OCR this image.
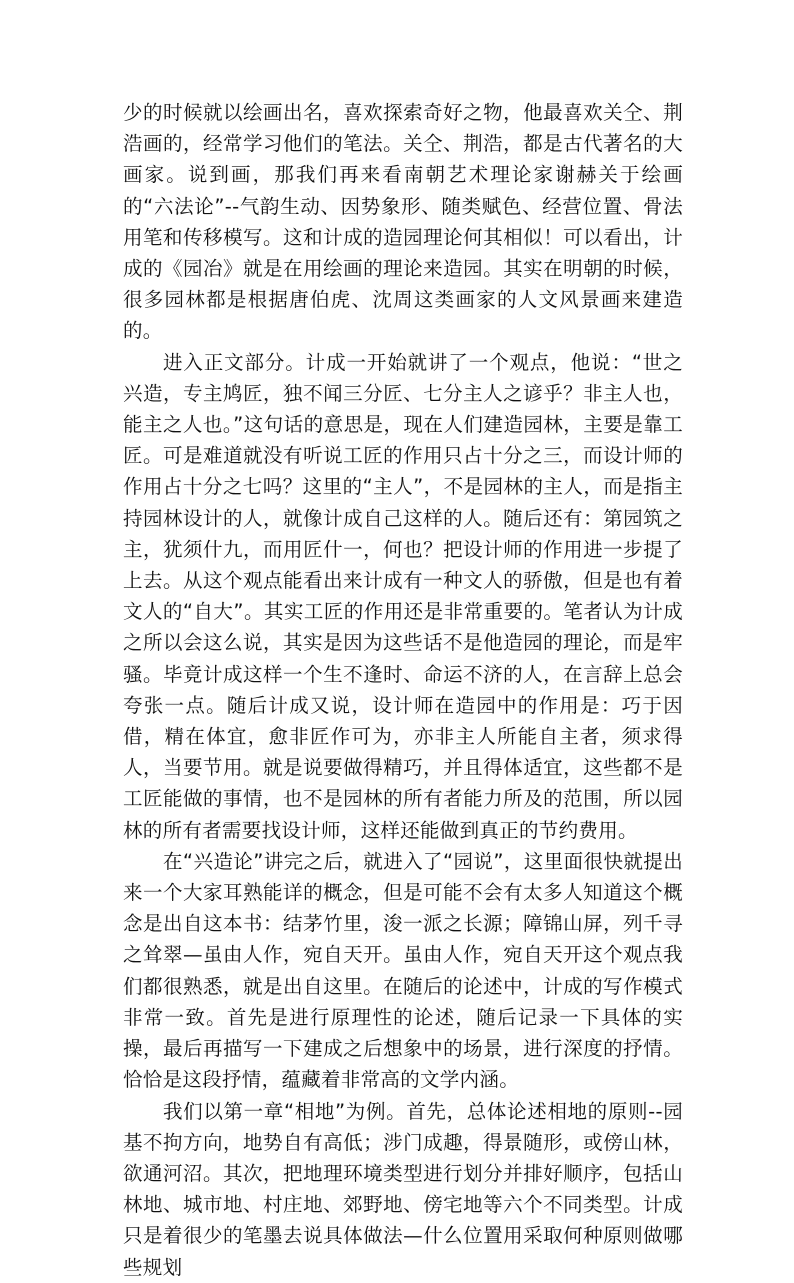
少的时候就以绘画出名，喜欢探索奇好之物，他最喜欢关仝、荆浩画的，经常学习他们的笔法。关仝、荆浩，都是古代著名的大画家。说到画，那我们再来看南朝艺术理论家谢赫关于绘画的“六法论”--气韵生动、因势象形、随类赋色、经营位置、骨法用笔和传移模写。这和计成的造园理论何其相似！可以看出，计成的《园冶》就是在用绘画的理论来造园。其实在明朝的时候，很多园林都是根据唐伯虎、沈周这类画家的人文风景画来建造的。

进入正文部分。计成一开始就讲了一个观点，他说：“世之兴造，专主鸠匠，独不闻三分匠、七分主人之谚乎？非主人也，能主之人也。”这句话的意思是，现在人们建造园林，主要是靠工匠。可是难道就没有听说工匠的作用只占十分之三，而设计师的作用占十分之七吗？这里的“主人”，不是园林的主人，而是指主持园林设计的人，就像计成自己这样的人。随后还有：第园筑之主，犹须什九，而用匠什一，何也？把设计师的作用进一步提了上去。从这个观点能看出来计成有一种文人的骄傲，但是也有着文人的“自大”。其实工匠的作用还是非常重要的。笔者认为计成之所以会这么说，其实是因为这些话不是他造园的理论，而是牢骚。毕竟计成这样一个生不逢时、命运不济的人，在言辞上总会夸张一点。随后计成又说，设计师在造园中的作用是：巧于因借，精在体宜，愈非匠作可为，亦非主人所能自主者，须求得人，当要节用。就是说要做得精巧，并且得体适宜，这些都不是工匠能做的事情，也不是园林的所有者能力所及的范围，所以园林的所有者需要找设计师，这样还能做到真正的节约费用。

在“兴造论”讲完之后，就进入了“园说”，这里面很快就提出来一个大家耳熟能详的概念，但是可能不会有太多人知道这个概念是出自这本书：结茅竹里，浚一派之长源；障锦山屏，列千寻之耸翠—虽由人作，宛自天开。虽由人作，宛自天开这个观点我们都很熟悉，就是出自这里。在随后的论述中，计成的写作模式非常一致。首先是进行原理性的论述，随后记录一下具体的实操，最后再描写一下建成之后想象中的场景，进行深度的抒情。恰恰是这段抒情，蕴藏着非常高的文学内涵。

我们以第一章“相地”为例。首先，总体论述相地的原则--园基不拘方向，地势自有高低；涉门成趣，得景随形，或傍山林，欲通河沼。其次，把地理环境类型进行划分并排好顺序，包括山林地、城市地、村庄地、郊野地、傍宅地等六个不同类型。计成只是着很少的笔墨去说具体做法—什么位置用采取何种原则做哪些规划
